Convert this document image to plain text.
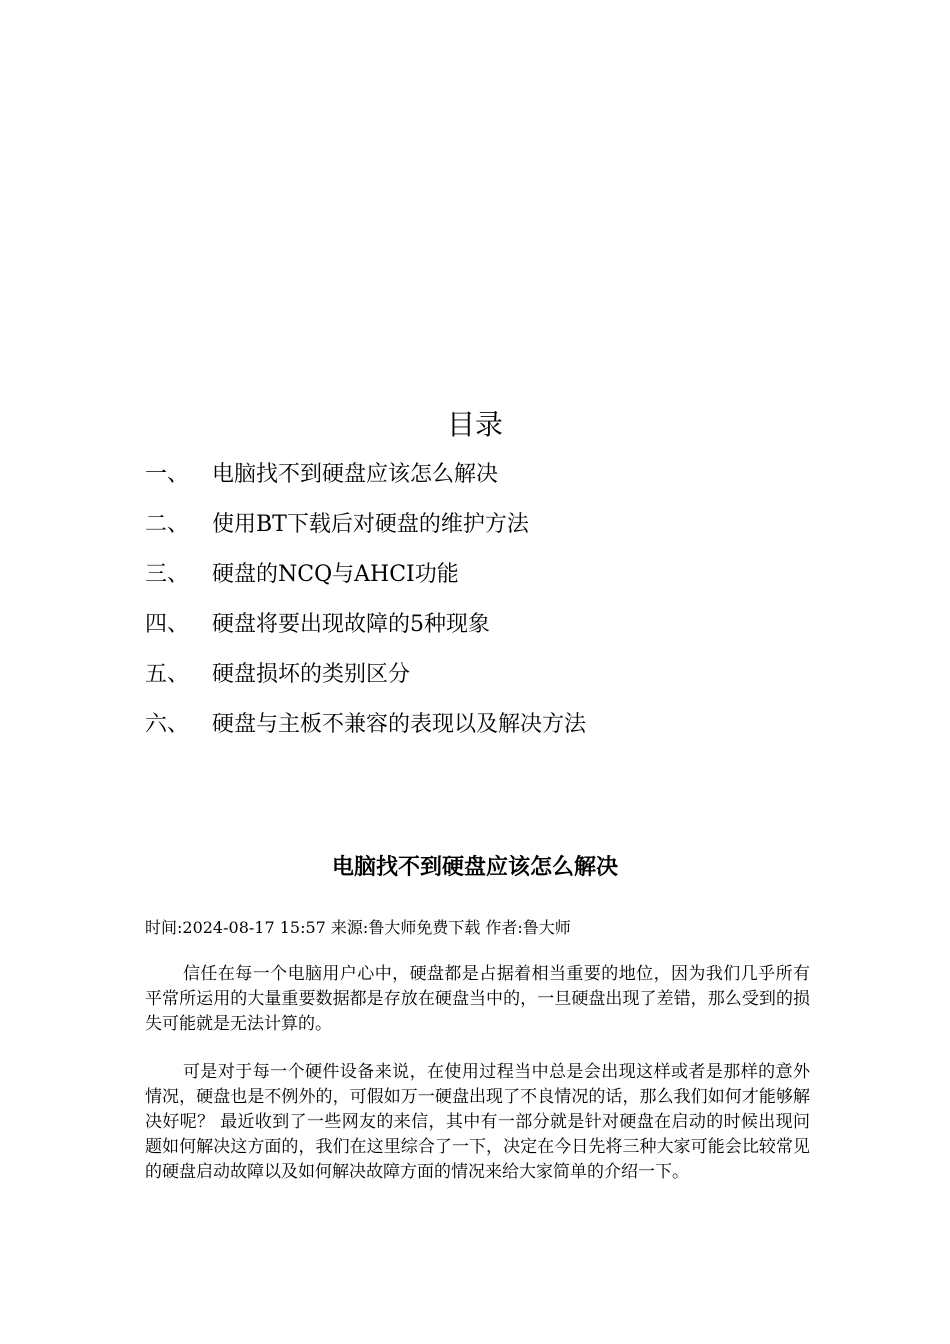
目录
一、 电脑找不到硬盘应该怎么解决
二、 使用BT下载后对硬盘的维护方法
三、 硬盘的NCQ与AHCI功能
四、 硬盘将要出现故障的5种现象
五、 硬盘损坏的类别区分
六、 硬盘与主板不兼容的表现以及解决方法
电脑找不到硬盘应该怎么解决
时间:2024-08-17 15:57 来源:鲁大师免费下载 作者:鲁大师
信任在每一个电脑用户心中，硬盘都是占据着相当重要的地位，因为我们几乎所有平常所运用的大量重要数据都是存放在硬盘当中的，一旦硬盘出现了差错，那么受到的损失可能就是无法计算的。
可是对于每一个硬件设备来说，在使用过程当中总是会出现这样或者是那样的意外情况，硬盘也是不例外的，可假如万一硬盘出现了不良情况的话，那么我们如何才能够解决好呢？ 最近收到了一些网友的来信，其中有一部分就是针对硬盘在启动的时候出现问题如何解决这方面的，我们在这里综合了一下，决定在今日先将三种大家可能会比较常见的硬盘启动故障以及如何解决故障方面的情况来给大家简单的介绍一下。
